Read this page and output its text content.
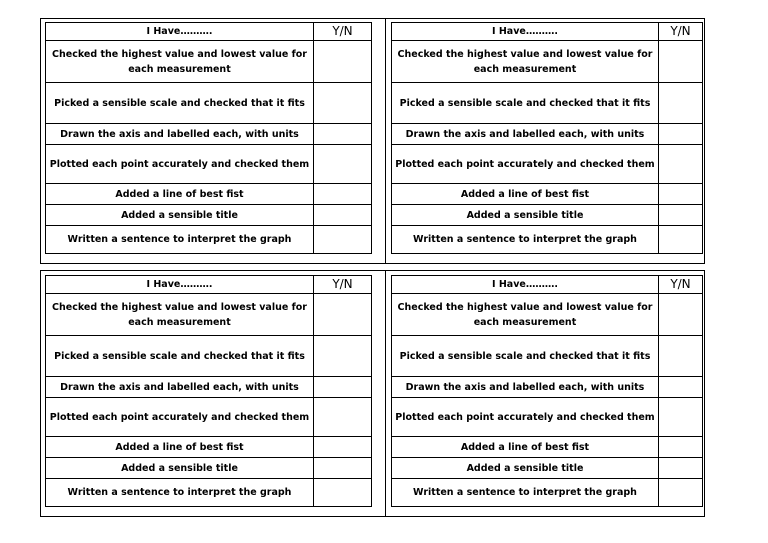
I Have……….	Y/N
Checked the highest value and lowest value for each measurement	
Picked a sensible scale and checked that it fits	
Drawn the axis and labelled each, with units	
Plotted each point accurately and checked them	
Added a line of best fist	
Added a sensible title	
Written a sentence to interpret the graph	
I Have……….	Y/N
Checked the highest value and lowest value for each measurement	
Picked a sensible scale and checked that it fits	
Drawn the axis and labelled each, with units	
Plotted each point accurately and checked them	
Added a line of best fist	
Added a sensible title	
Written a sentence to interpret the graph	
I Have……….	Y/N
Checked the highest value and lowest value for each measurement	
Picked a sensible scale and checked that it fits	
Drawn the axis and labelled each, with units	
Plotted each point accurately and checked them	
Added a line of best fist	
Added a sensible title	
Written a sentence to interpret the graph	
I Have……….	Y/N
Checked the highest value and lowest value for each measurement	
Picked a sensible scale and checked that it fits	
Drawn the axis and labelled each, with units	
Plotted each point accurately and checked them	
Added a line of best fist	
Added a sensible title	
Written a sentence to interpret the graph	
